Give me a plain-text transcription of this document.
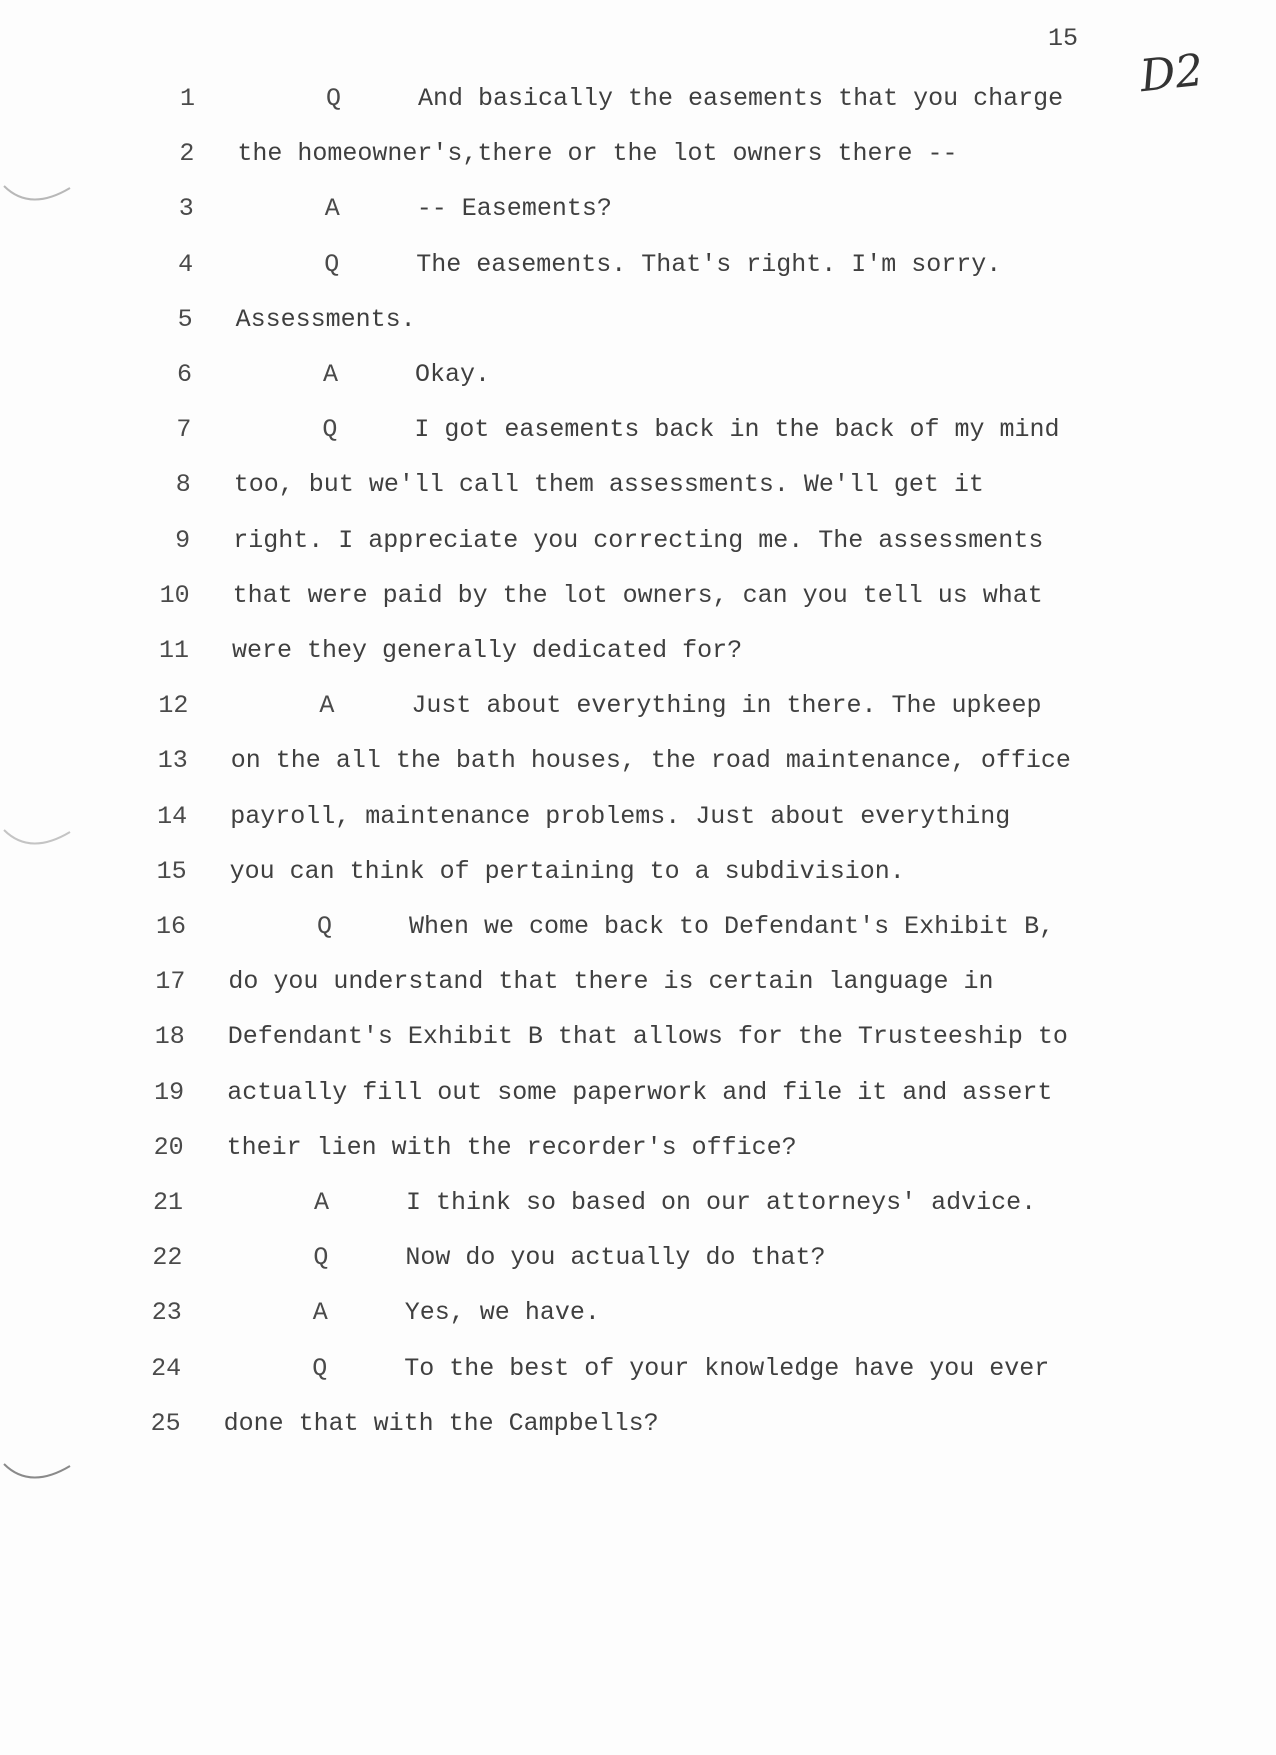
15
D2
1	Q	And basically the easements that you charge
2 the homeowner's,there or the lot owners there --
3	A	-- Easements?
4	Q	The easements. That's right. I'm sorry.
5 Assessments.
6	A	Okay.
7	Q	I got easements back in the back of my mind
8 too, but we'll call them assessments. We'll get it
9 right. I appreciate you correcting me. The assessments
10 that were paid by the lot owners, can you tell us what
11 were they generally dedicated for?
12	A	Just about everything in there. The upkeep
13 on the all the bath houses, the road maintenance, office
14 payroll, maintenance problems. Just about everything
15 you can think of pertaining to a subdivision.
16	Q	When we come back to Defendant's Exhibit B,
17 do you understand that there is certain language in
18 Defendant's Exhibit B that allows for the Trusteeship to
19 actually fill out some paperwork and file it and assert
20 their lien with the recorder's office?
21	A	I think so based on our attorneys' advice.
22	Q	Now do you actually do that?
23	A	Yes, we have.
24	Q	To the best of your knowledge have you ever
25 done that with the Campbells?
